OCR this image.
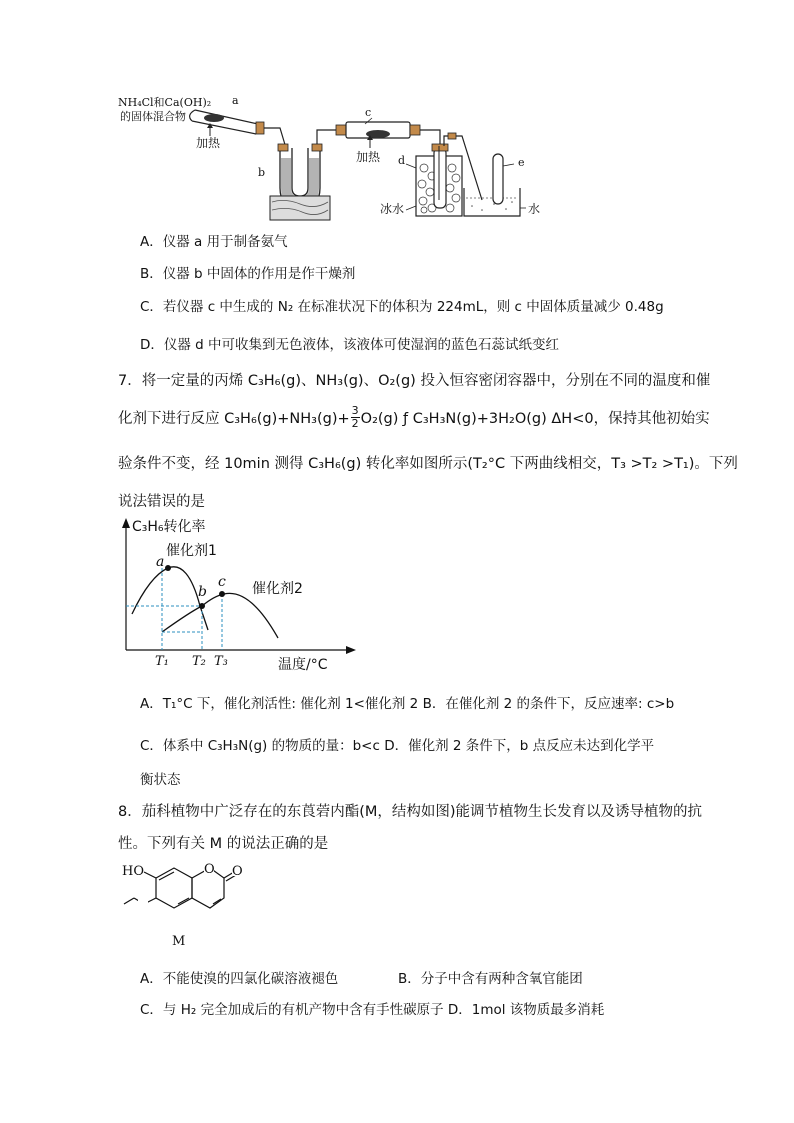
NH₄Cl和Ca(OH)₂ a
的固体混合物
加热
b
c
加热 d	e
冰水	水
A．仪器 a 用于制备氨气
B．仪器 b 中固体的作用是作干燥剂
C．若仪器 c 中生成的 N₂ 在标准状况下的体积为 224mL，则 c 中固体质量减少 0.48g
D．仪器 d 中可收集到无色液体，该液体可使湿润的蓝色石蕊试纸变红
7．将一定量的丙烯 C₃H₆(g)、NH₃(g)、O₂(g) 投入恒容密闭容器中，分别在不同的温度和催
化剂下进行反应 $C_3H_6(g)+NH_3(g)+ \frac{3}{2} O_2(g)$ ƒ C₃H₃N(g)+3H₂O(g) ΔH<0，保持其他初始实
验条件不变，经 10min 测得 C₃H₆(g) 转化率如图所示(T₂°C 下两曲线相交，T₃ >T₂ >T₁)。下列
说法错误的是
C₃H₆转化率
催化剂1
催化剂2
a
b
c
T₁ T₂ T₃	温度/°C
A．T₁°C 下，催化剂活性: 催化剂 1<催化剂 2 B．在催化剂 2 的条件下，反应速率: c>b
C．体系中 C₃H₃N(g) 的物质的量：b<c D．催化剂 2 条件下，b 点反应未达到化学平
衡状态
8．茄科植物中广泛存在的东莨菪内酯(M，结构如图)能调节植物生长发育以及诱导植物的抗
性。下列有关 M 的说法正确的是
HO	O O
M
A．不能使溴的四氯化碳溶液褪色	B．分子中含有两种含氧官能团
C．与 H₂ 完全加成后的有机产物中含有手性碳原子 D．1mol 该物质最多消耗
